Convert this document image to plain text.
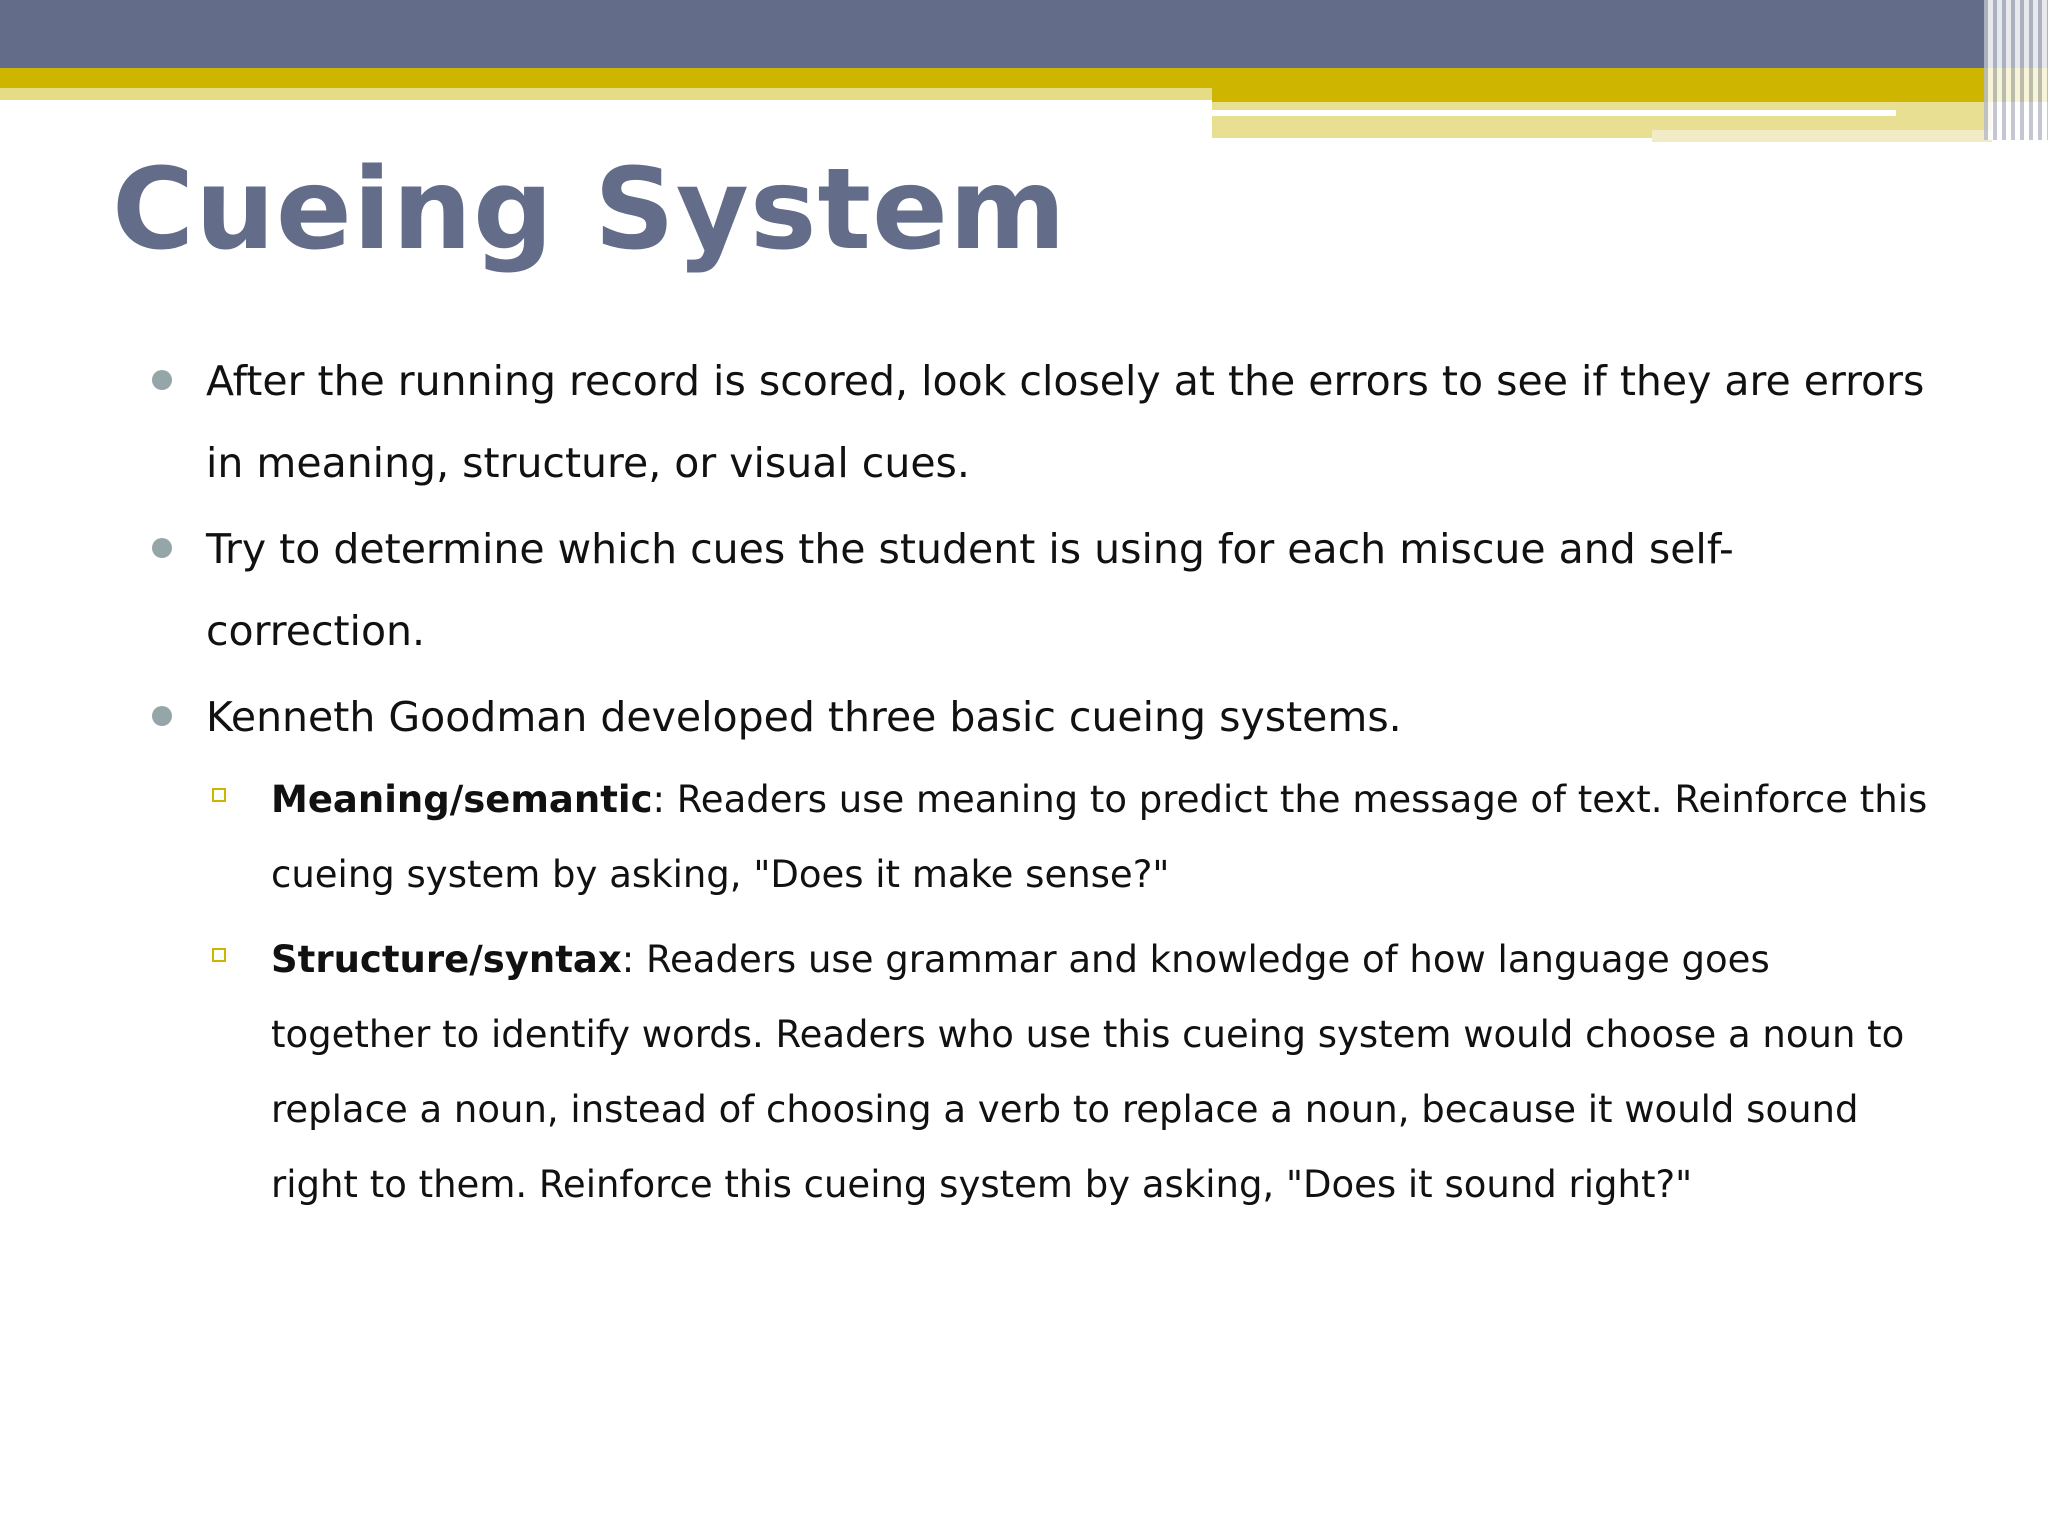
Cueing System
After the running record is scored, look closely at the errors to see if they are errors in meaning, structure, or visual cues.
Try to determine which cues the student is using for each miscue and self-correction.
Kenneth Goodman developed three basic cueing systems.
Meaning/semantic: Readers use meaning to predict the message of text. Reinforce this cueing system by asking, "Does it make sense?"
Structure/syntax: Readers use grammar and knowledge of how language goes together to identify words. Readers who use this cueing system would choose a noun to replace a noun, instead of choosing a verb to replace a noun, because it would sound right to them. Reinforce this cueing system by asking, "Does it sound right?"
